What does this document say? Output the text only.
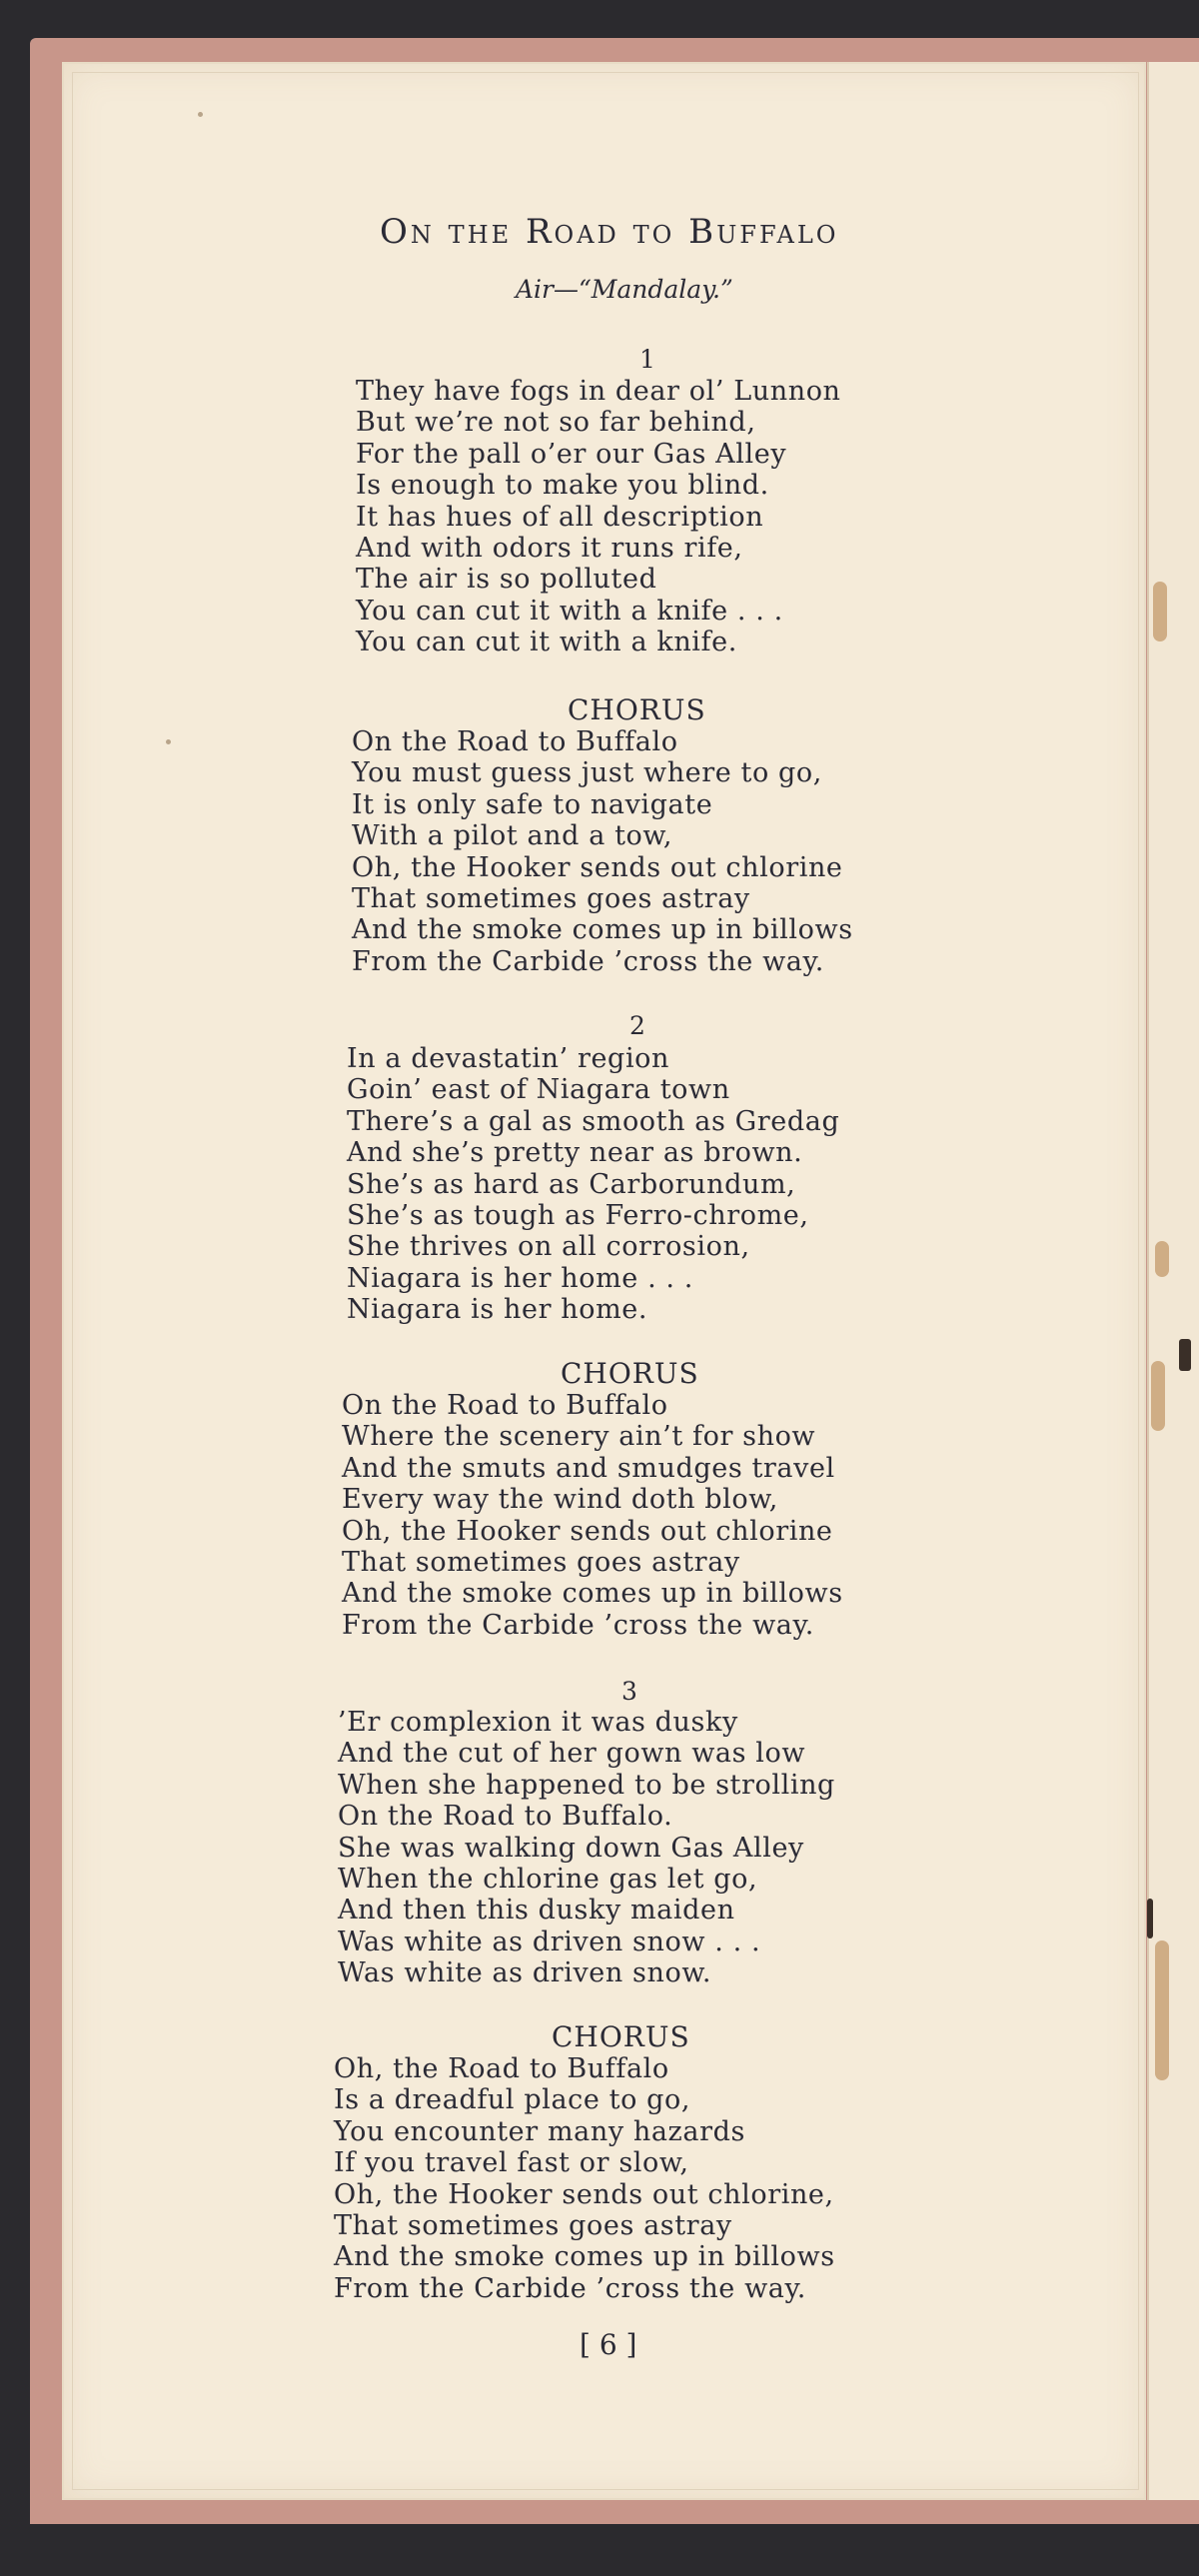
On the Road to Buffalo
Air—“Mandalay.”
1
They have fogs in dear ol’ Lunnon
But we’re not so far behind,
For the pall o’er our Gas Alley
Is enough to make you blind.
It has hues of all description
And with odors it runs rife,
The air is so polluted
You can cut it with a knife . . .
You can cut it with a knife.
CHORUS
On the Road to Buffalo
You must guess just where to go,
It is only safe to navigate
With a pilot and a tow,
Oh, the Hooker sends out chlorine
That sometimes goes astray
And the smoke comes up in billows
From the Carbide ’cross the way.
2
In a devastatin’ region
Goin’ east of Niagara town
There’s a gal as smooth as Gredag
And she’s pretty near as brown.
She’s as hard as Carborundum,
She’s as tough as Ferro-chrome,
She thrives on all corrosion,
Niagara is her home . . .
Niagara is her home.
CHORUS
On the Road to Buffalo
Where the scenery ain’t for show
And the smuts and smudges travel
Every way the wind doth blow,
Oh, the Hooker sends out chlorine
That sometimes goes astray
And the smoke comes up in billows
From the Carbide ’cross the way.
3
’Er complexion it was dusky
And the cut of her gown was low
When she happened to be strolling
On the Road to Buffalo.
She was walking down Gas Alley
When the chlorine gas let go,
And then this dusky maiden
Was white as driven snow . . .
Was white as driven snow.
CHORUS
Oh, the Road to Buffalo
Is a dreadful place to go,
You encounter many hazards
If you travel fast or slow,
Oh, the Hooker sends out chlorine,
That sometimes goes astray
And the smoke comes up in billows
From the Carbide ’cross the way.
[ 6 ]
